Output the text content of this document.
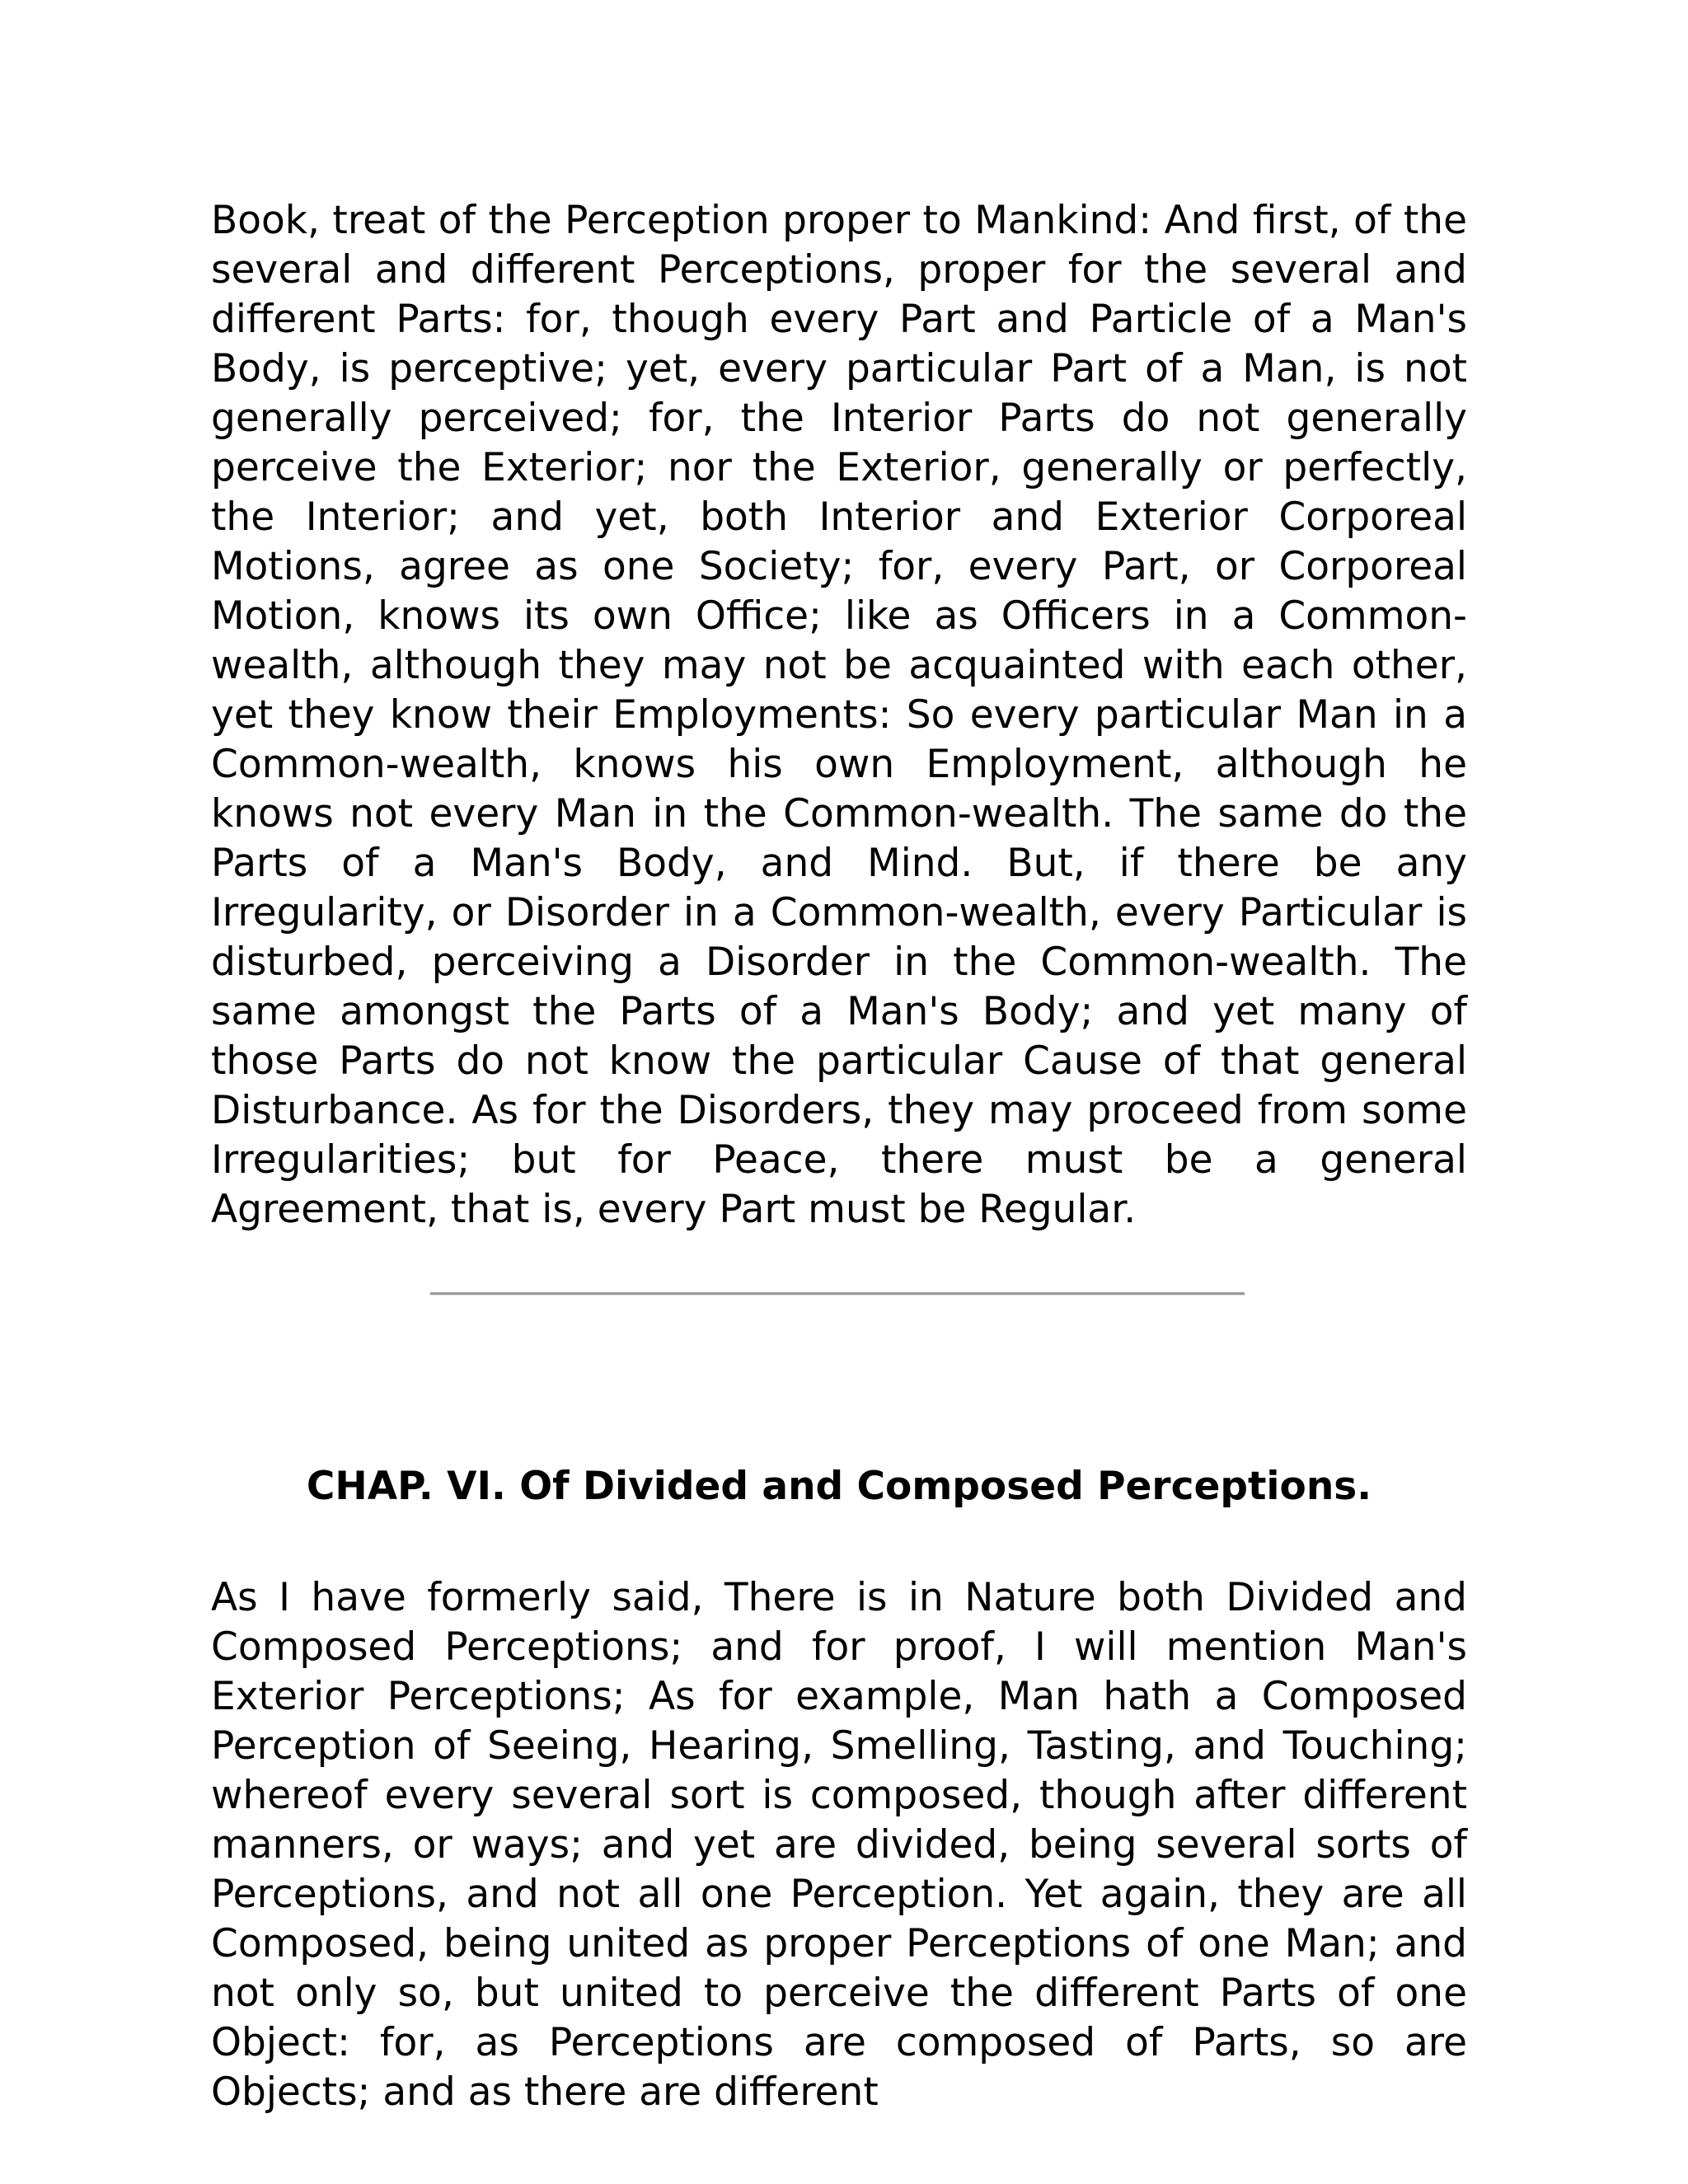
Book, treat of the Perception proper to Mankind: And first, of the several and different Perceptions, proper for the several and different Parts: for, though every Part and Particle of a Man's Body, is perceptive; yet, every particular Part of a Man, is not generally perceived; for, the Interior Parts do not generally perceive the Exterior; nor the Exterior, generally or perfectly, the Interior; and yet, both Interior and Exterior Corporeal Motions, agree as one Society; for, every Part, or Corporeal Motion, knows its own Office; like as Officers in a Common-wealth, although they may not be acquainted with each other, yet they know their Employments: So every particular Man in a Common-wealth, knows his own Employment, although he knows not every Man in the Common-wealth. The same do the Parts of a Man's Body, and Mind. But, if there be any Irregularity, or Disorder in a Common-wealth, every Particular is disturbed, perceiving a Disorder in the Common-wealth. The same amongst the Parts of a Man's Body; and yet many of those Parts do not know the particular Cause of that general Disturbance. As for the Disorders, they may proceed from some Irregularities; but for Peace, there must be a general Agreement, that is, every Part must be Regular.

CHAP. VI. Of Divided and Composed Perceptions.

As I have formerly said, There is in Nature both Divided and Composed Perceptions; and for proof, I will mention Man's Exterior Perceptions; As for example, Man hath a Composed Perception of Seeing, Hearing, Smelling, Tasting, and Touching; whereof every several sort is composed, though after different manners, or ways; and yet are divided, being several sorts of Perceptions, and not all one Perception. Yet again, they are all Composed, being united as proper Perceptions of one Man; and not only so, but united to perceive the different Parts of one Object: for, as Perceptions are composed of Parts, so are Objects; and as there are different
